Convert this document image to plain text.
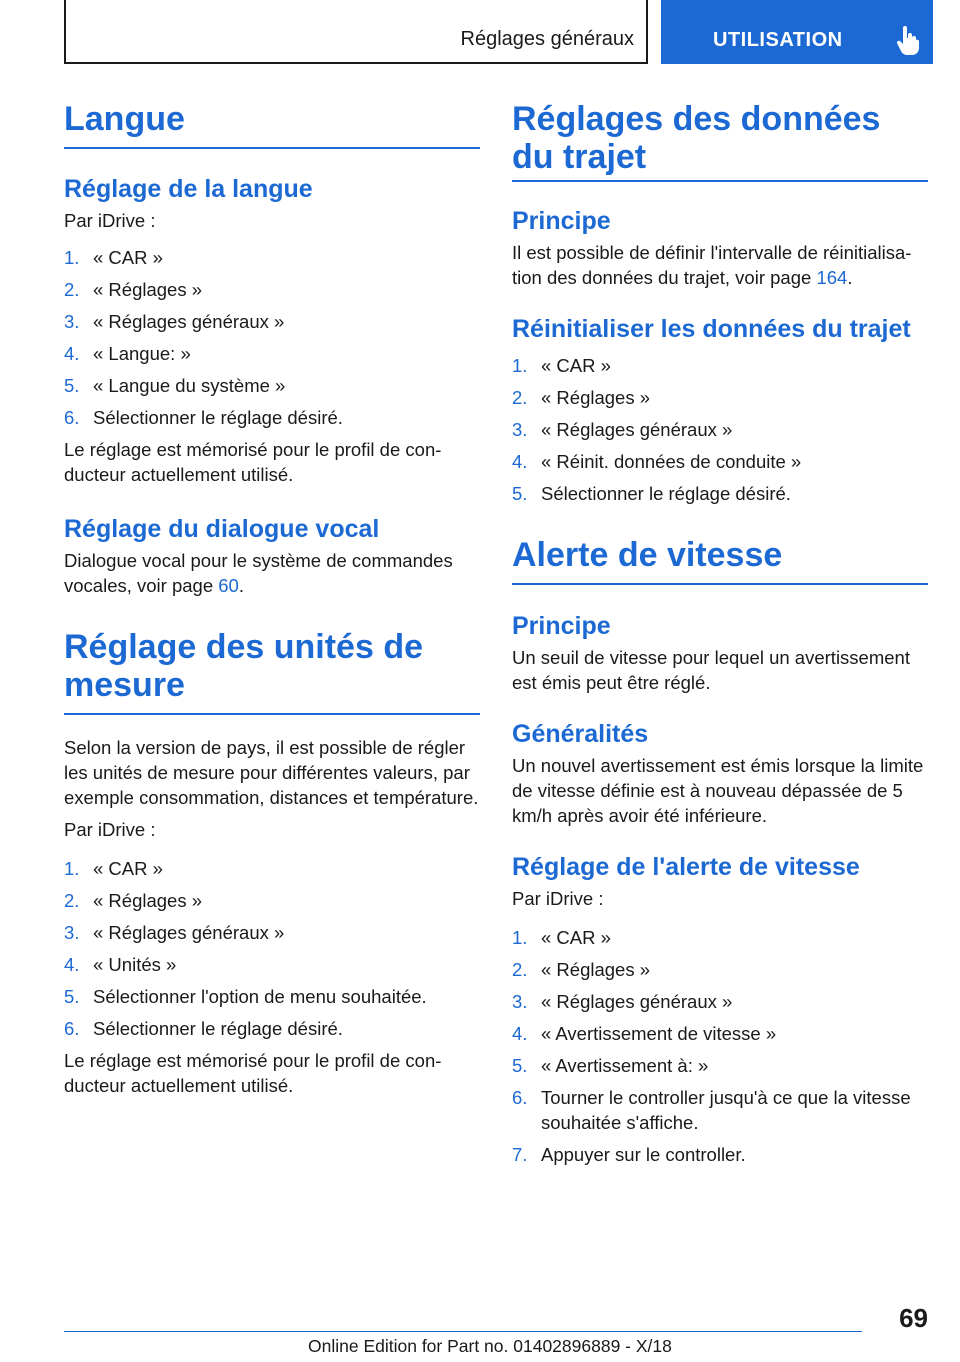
Réglages généraux	UTILISATION
Langue
Réglage de la langue

Par iDrive :

1. « CAR »
2. « Réglages »
3. « Réglages généraux »
4. « Langue: »
5. « Langue du système »
6. Sélectionner le réglage désiré.

Le réglage est mémorisé pour le profil de conducteur actuellement utilisé.

Réglage du dialogue vocal

Dialogue vocal pour le système de commandes vocales, voir page 60.

Réglage des unités de mesure

Selon la version de pays, il est possible de régler les unités de mesure pour différentes valeurs, par exemple consommation, distances et température.

Par iDrive :

1. « CAR »
2. « Réglages »
3. « Réglages généraux »
4. « Unités »
5. Sélectionner l'option de menu souhaitée.
6. Sélectionner le réglage désiré.

Le réglage est mémorisé pour le profil de conducteur actuellement utilisé.

Réglages des données du trajet
Principe

Il est possible de définir l'intervalle de réinitialisation des données du trajet, voir page 164.

Réinitialiser les données du trajet
1. « CAR »
2. « Réglages »
3. « Réglages généraux »
4. « Réinit. données de conduite »
5. Sélectionner le réglage désiré.
Alerte de vitesse
Principe

Un seuil de vitesse pour lequel un avertissement est émis peut être réglé.

Généralités

Un nouvel avertissement est émis lorsque la limite de vitesse définie est à nouveau dépassée de 5 km/h après avoir été inférieure.

Réglage de l'alerte de vitesse

Par iDrive :

1. « CAR »
2. « Réglages »
3. « Réglages généraux »
4. « Avertissement de vitesse »
5. « Avertissement à: »
6. Tourner le controller jusqu'à ce que la vitesse souhaitée s'affiche.
7. Appuyer sur le controller.
69
Online Edition for Part no. 01402896889 - X/18
